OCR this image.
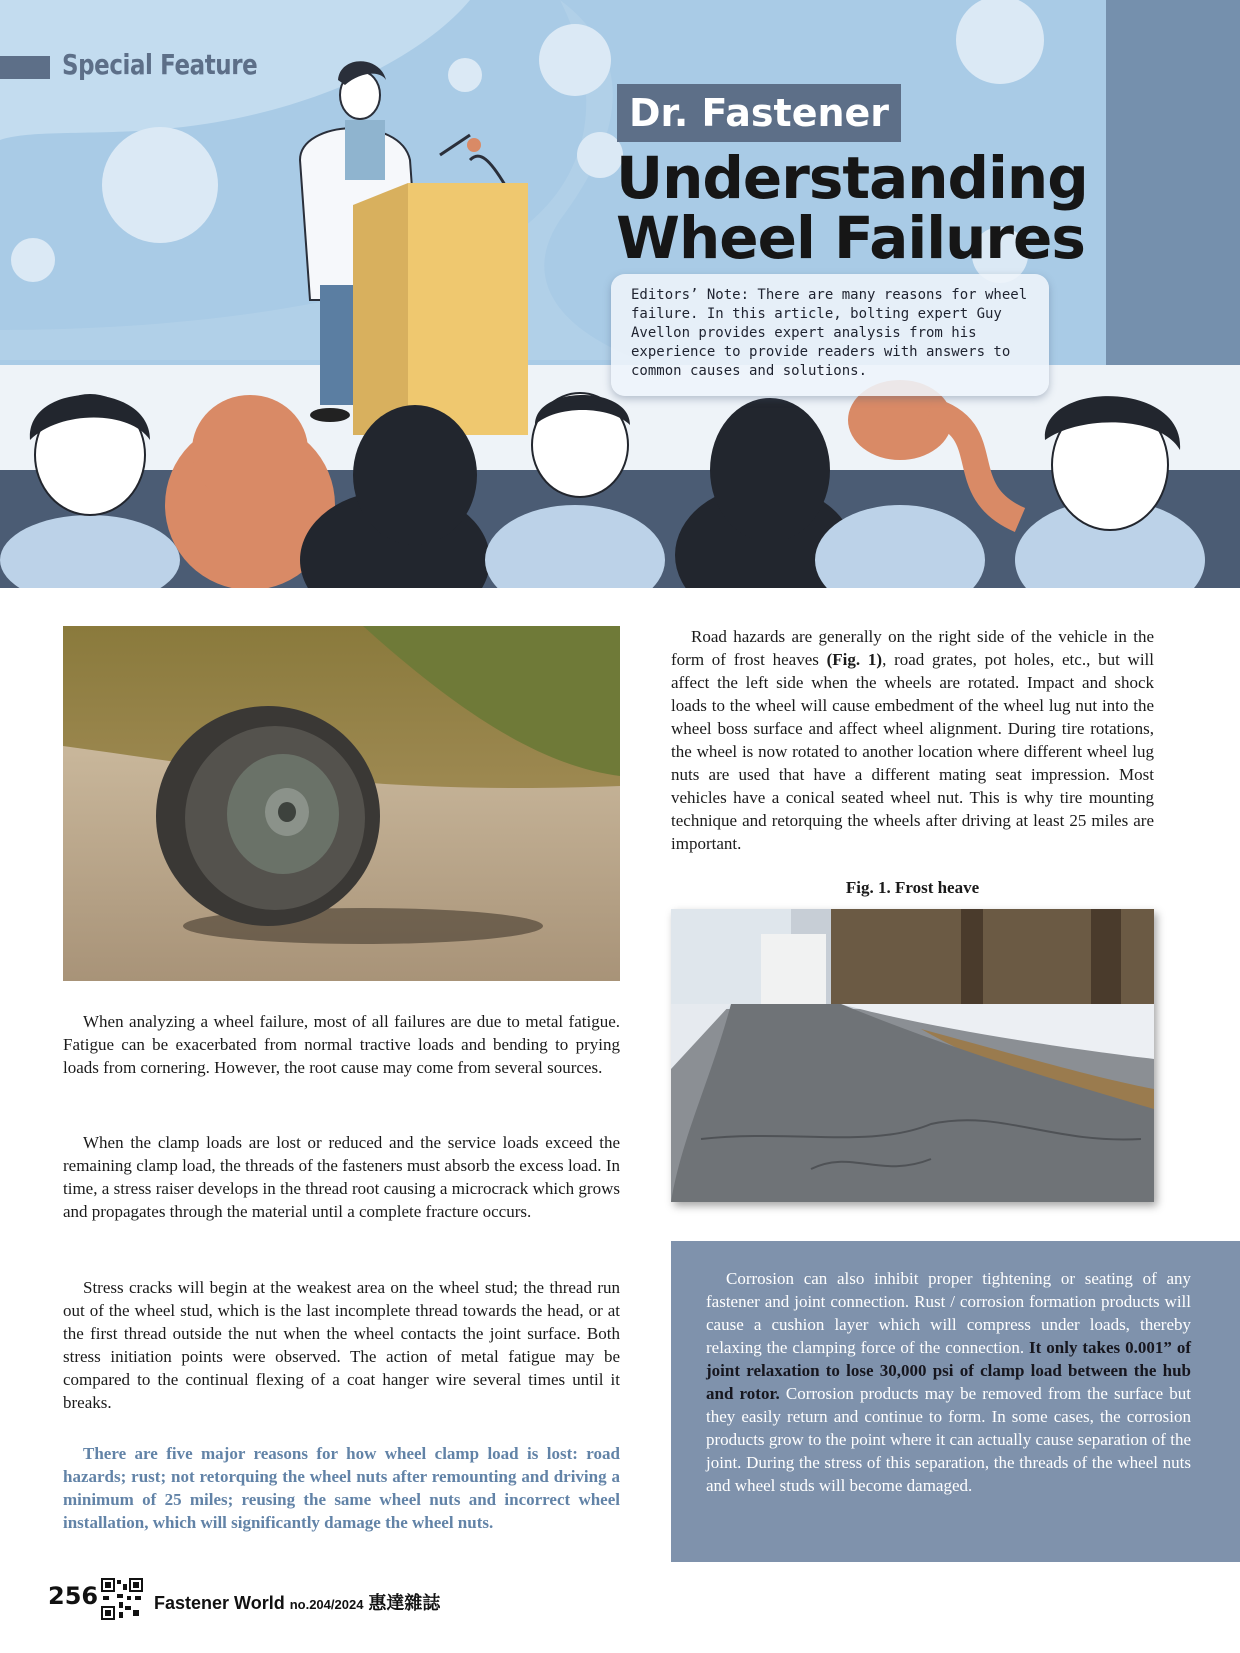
Special Feature
Dr. Fastener
Understanding
Wheel Failures

Editors’ Note: There are many reasons for wheel failure. In this article, bolting expert Guy Avellon provides expert analysis from his experience to provide readers with answers to common causes and solutions.

When analyzing a wheel failure, most of all failures are due to metal fatigue. Fatigue can be exacerbated from normal tractive loads and bending to prying loads from cornering. However, the root cause may come from several sources.

When the clamp loads are lost or reduced and the service loads exceed the remaining clamp load, the threads of the fasteners must absorb the excess load. In time, a stress raiser develops in the thread root causing a microcrack which grows and propagates through the material until a complete fracture occurs.

Stress cracks will begin at the weakest area on the wheel stud; the thread run out of the wheel stud, which is the last incomplete thread towards the head, or at the first thread outside the nut when the wheel contacts the joint surface. Both stress initiation points were observed. The action of metal fatigue may be compared to the continual flexing of a coat hanger wire several times until it breaks.

There are five major reasons for how wheel clamp load is lost: road hazards; rust; not retorquing the wheel nuts after remounting and driving a minimum of 25 miles; reusing the same wheel nuts and incorrect wheel installation, which will significantly damage the wheel nuts.

Road hazards are generally on the right side of the vehicle in the form of frost heaves (Fig. 1), road grates, pot holes, etc., but will affect the left side when the wheels are rotated. Impact and shock loads to the wheel will cause embedment of the wheel lug nut into the wheel boss surface and affect wheel alignment. During tire rotations, the wheel is now rotated to another location where different wheel lug nuts are used that have a different mating seat impression. Most vehicles have a conical seated wheel nut. This is why tire mounting technique and retorquing the wheels after driving at least 25 miles are important.

Fig. 1. Frost heave

Corrosion can also inhibit proper tightening or seating of any fastener and joint connection. Rust / corrosion formation products will cause a cushion layer which will compress under loads, thereby relaxing the clamping force of the connection. It only takes 0.001” of joint relaxation to lose 30,000 psi of clamp load between the hub and rotor. Corrosion products may be removed from the surface but they easily return and continue to form. In some cases, the corrosion products grow to the point where it can actually cause separation of the joint. During the stress of this separation, the threads of the wheel nuts and wheel studs will become damaged.

256	Fastener World no.204/2024 惠達雜誌
